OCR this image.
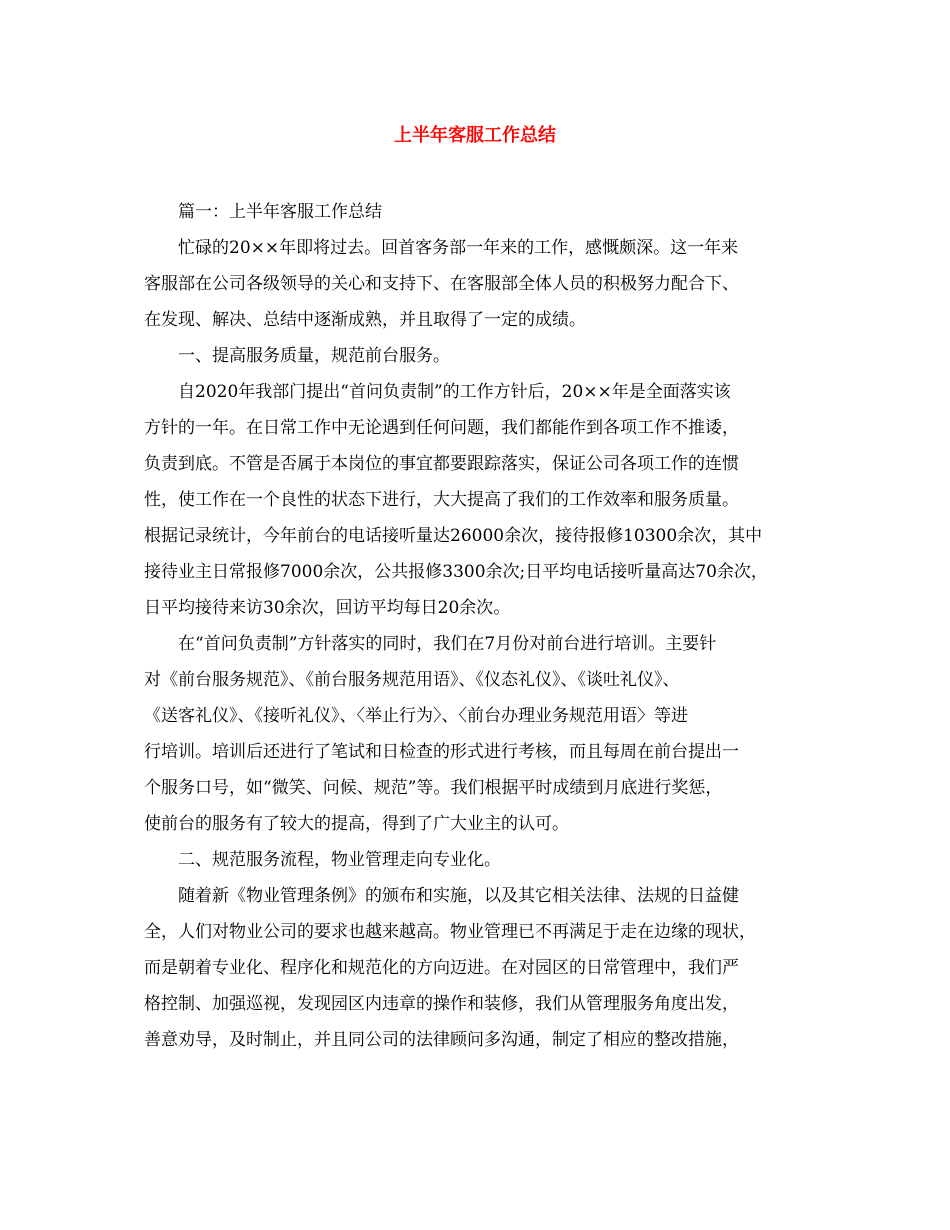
上半年客服工作总结

篇一：上半年客服工作总结

忙碌的20××年即将过去。回首客务部一年来的工作，感慨颇深。这一年来

客服部在公司各级领导的关心和支持下、在客服部全体人员的积极努力配合下、

在发现、解决、总结中逐渐成熟，并且取得了一定的成绩。

一、提高服务质量，规范前台服务。

自2020年我部门提出“首问负责制”的工作方针后，20××年是全面落实该

方针的一年。在日常工作中无论遇到任何问题，我们都能作到各项工作不推诿，

负责到底。不管是否属于本岗位的事宜都要跟踪落实，保证公司各项工作的连惯

性，使工作在一个良性的状态下进行，大大提高了我们的工作效率和服务质量。

根据记录统计，今年前台的电话接听量达26000余次，接待报修10300余次，其中

接待业主日常报修7000余次，公共报修3300余次;日平均电话接听量高达70余次，

日平均接待来访30余次，回访平均每日20余次。

在“首问负责制”方针落实的同时，我们在7月份对前台进行培训。主要针

对《前台服务规范》、《前台服务规范用语》、《仪态礼仪》、《谈吐礼仪》、

《送客礼仪》、《接听礼仪》、〈举止行为〉、〈前台办理业务规范用语〉等进

行培训。培训后还进行了笔试和日检查的形式进行考核，而且每周在前台提出一

个服务口号，如“微笑、问候、规范”等。我们根据平时成绩到月底进行奖惩，

使前台的服务有了较大的提高，得到了广大业主的认可。

二、规范服务流程，物业管理走向专业化。

随着新《物业管理条例》的颁布和实施，以及其它相关法律、法规的日益健

全，人们对物业公司的要求也越来越高。物业管理已不再满足于走在边缘的现状，

而是朝着专业化、程序化和规范化的方向迈进。在对园区的日常管理中，我们严

格控制、加强巡视，发现园区内违章的操作和装修，我们从管理服务角度出发，

善意劝导，及时制止，并且同公司的法律顾问多沟通，制定了相应的整改措施，
